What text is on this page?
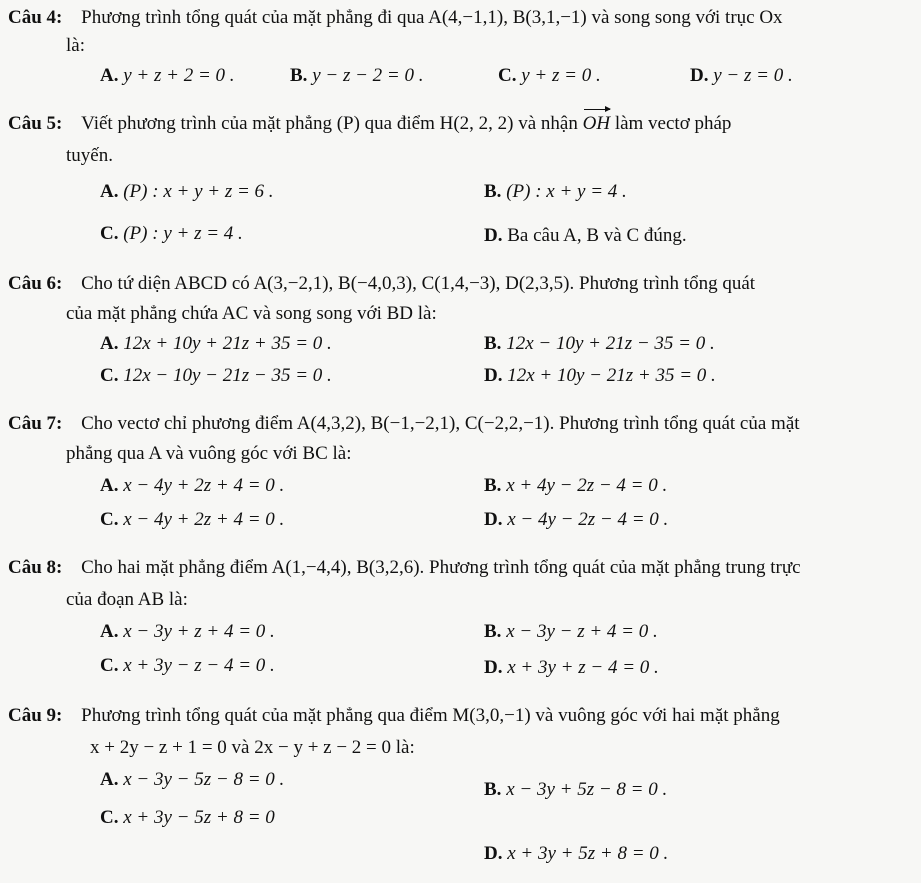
Câu 4: Phương trình tổng quát của mặt phẳng đi qua A(4,−1,1), B(3,1,−1) và song song với trục Ox
là:
A. y + z + 2 = 0 .	B. y − z − 2 = 0 .	C. y + z = 0 .	D. y − z = 0 .
Câu 5: Viết phương trình của mặt phẳng (P) qua điểm H(2, 2, 2) và nhận OH làm vectơ pháp
tuyến.
A. (P) : x + y + z = 6 .	B. (P) : x + y = 4 .
C. (P) : y + z = 4 .	D. Ba câu A, B và C đúng.
Câu 6: Cho tứ diện ABCD có A(3,−2,1), B(−4,0,3), C(1,4,−3), D(2,3,5). Phương trình tổng quát
của mặt phẳng chứa AC và song song với BD là:
A. 12x + 10y + 21z + 35 = 0 .	B. 12x − 10y + 21z − 35 = 0 .
C. 12x − 10y − 21z − 35 = 0 .	D. 12x + 10y − 21z + 35 = 0 .
Câu 7: Cho vectơ chỉ phương điểm A(4,3,2), B(−1,−2,1), C(−2,2,−1). Phương trình tổng quát của mặt
phẳng qua A và vuông góc với BC là:
A. x − 4y + 2z + 4 = 0 .	B. x + 4y − 2z − 4 = 0 .
C. x − 4y + 2z + 4 = 0 .	D. x − 4y − 2z − 4 = 0 .
Câu 8: Cho hai mặt phẳng điểm A(1,−4,4), B(3,2,6). Phương trình tổng quát của mặt phẳng trung trực
của đoạn AB là:
A. x − 3y + z + 4 = 0 .	B. x − 3y − z + 4 = 0 .
C. x + 3y − z − 4 = 0 .	D. x + 3y + z − 4 = 0 .
Câu 9: Phương trình tổng quát của mặt phẳng qua điểm M(3,0,−1) và vuông góc với hai mặt phẳng
x + 2y − z + 1 = 0 và 2x − y + z − 2 = 0 là:
A. x − 3y − 5z − 8 = 0 .	B. x − 3y + 5z − 8 = 0 .
C. x + 3y − 5z + 8 = 0
D. x + 3y + 5z + 8 = 0 .
